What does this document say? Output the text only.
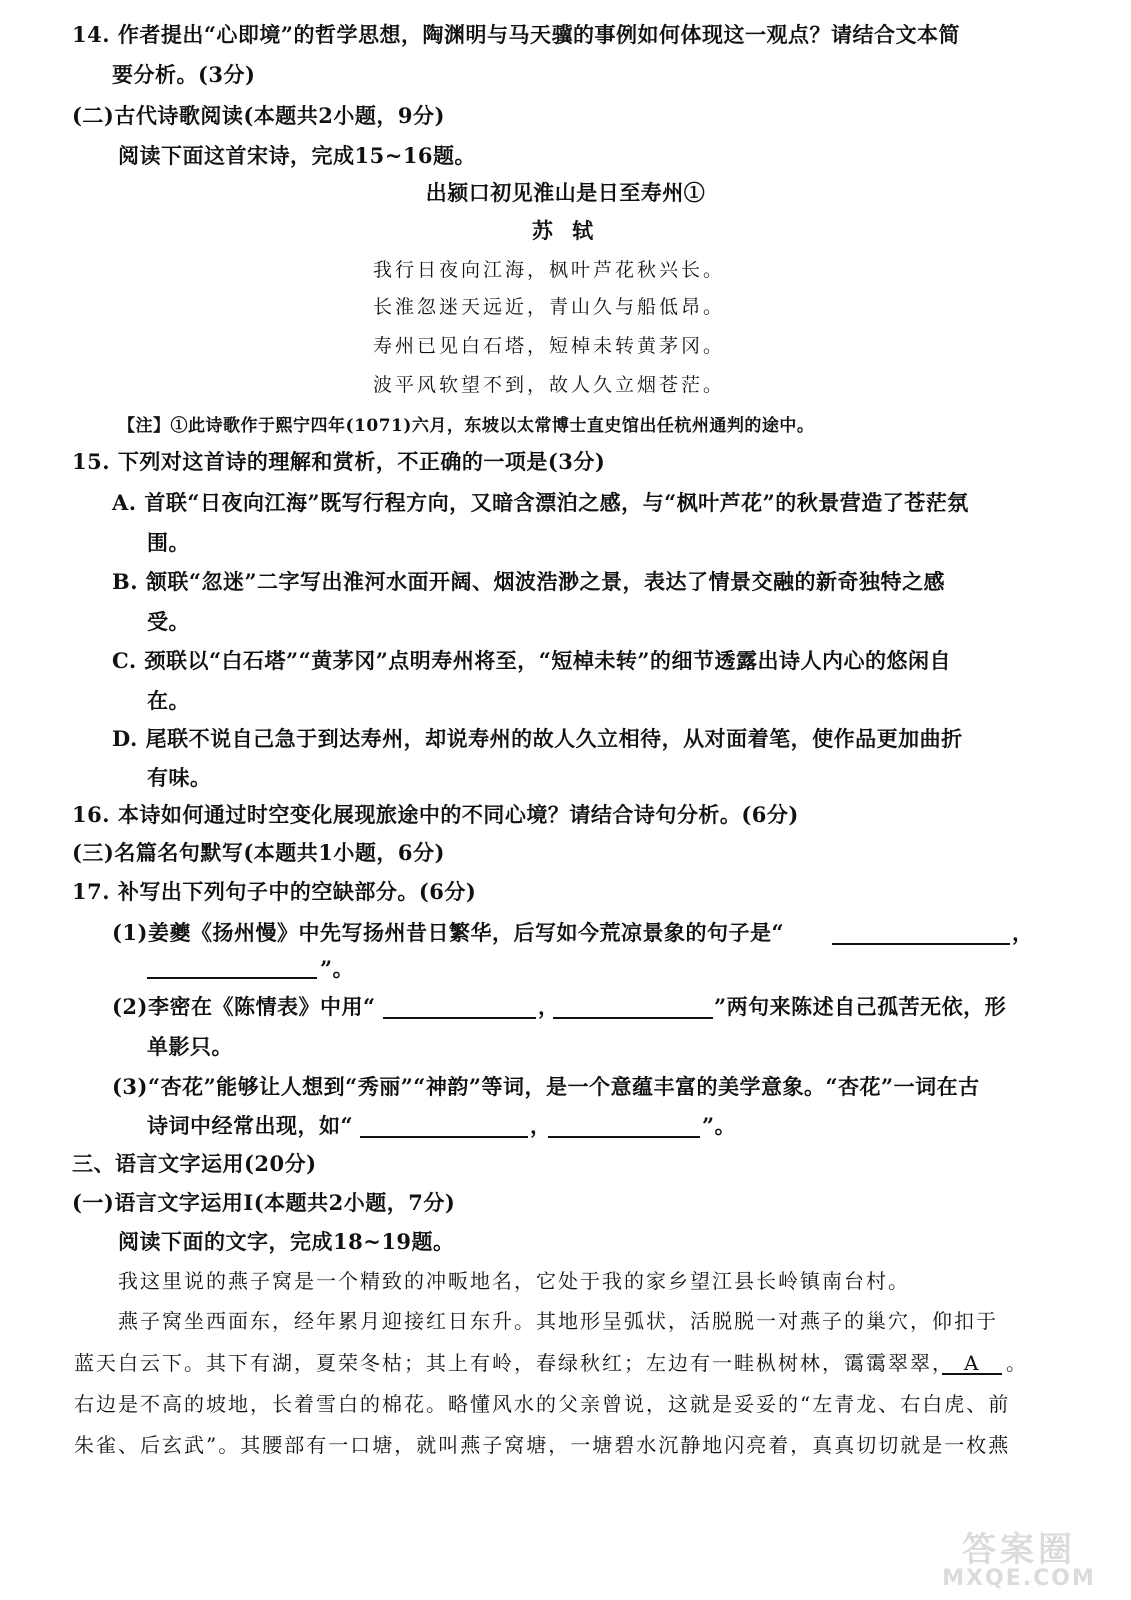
14. 作者提出“心即境”的哲学思想，陶渊明与马天骥的事例如何体现这一观点？请结合文本简
要分析。(3分)
(二)古代诗歌阅读(本题共2小题，9分)
阅读下面这首宋诗，完成15~16题。
出颍口初见淮山是日至寿州①
苏 轼
我行日夜向江海，枫叶芦花秋兴长。
长淮忽迷天远近，青山久与船低昂。
寿州已见白石塔，短棹未转黄茅冈。
波平风软望不到，故人久立烟苍茫。
【注】①此诗歌作于熙宁四年(1071)六月，东坡以太常博士直史馆出任杭州通判的途中。
15. 下列对这首诗的理解和赏析，不正确的一项是(3分)
A. 首联“日夜向江海”既写行程方向，又暗含漂泊之感，与“枫叶芦花”的秋景营造了苍茫氛
围。
B. 颔联“忽迷”二字写出淮河水面开阔、烟波浩渺之景，表达了情景交融的新奇独特之感
受。
C. 颈联以“白石塔”“黄茅冈”点明寿州将至，“短棹未转”的细节透露出诗人内心的悠闲自
在。
D. 尾联不说自己急于到达寿州，却说寿州的故人久立相待，从对面着笔，使作品更加曲折
有味。
16. 本诗如何通过时空变化展现旅途中的不同心境？请结合诗句分析。(6分)
(三)名篇名句默写(本题共1小题，6分)
17. 补写出下列句子中的空缺部分。(6分)
(1)姜夔《扬州慢》中先写扬州昔日繁华，后写如今荒凉景象的句子是“	，
”。
(2)李密在《陈情表》中用“	，	”两句来陈述自己孤苦无依，形
单影只。
(3)“杏花”能够让人想到“秀丽”“神韵”等词，是一个意蕴丰富的美学意象。“杏花”一词在古
诗词中经常出现，如“	，	”。
三、语言文字运用(20分)
(一)语言文字运用Ⅰ(本题共2小题，7分)
阅读下面的文字，完成18~19题。
我这里说的燕子窝是一个精致的冲畈地名，它处于我的家乡望江县长岭镇南台村。
燕子窝坐西面东，经年累月迎接红日东升。其地形呈弧状，活脱脱一对燕子的巢穴，仰扣于
蓝天白云下。其下有湖，夏荣冬枯；其上有岭，春绿秋红；左边有一畦枞树林，霭霭翠翠， A 。
右边是不高的坡地，长着雪白的棉花。略懂风水的父亲曾说，这就是妥妥的“左青龙、右白虎、前
朱雀、后玄武”。其腰部有一口塘，就叫燕子窝塘，一塘碧水沉静地闪亮着，真真切切就是一枚燕
答案圈
MXQE.COM
